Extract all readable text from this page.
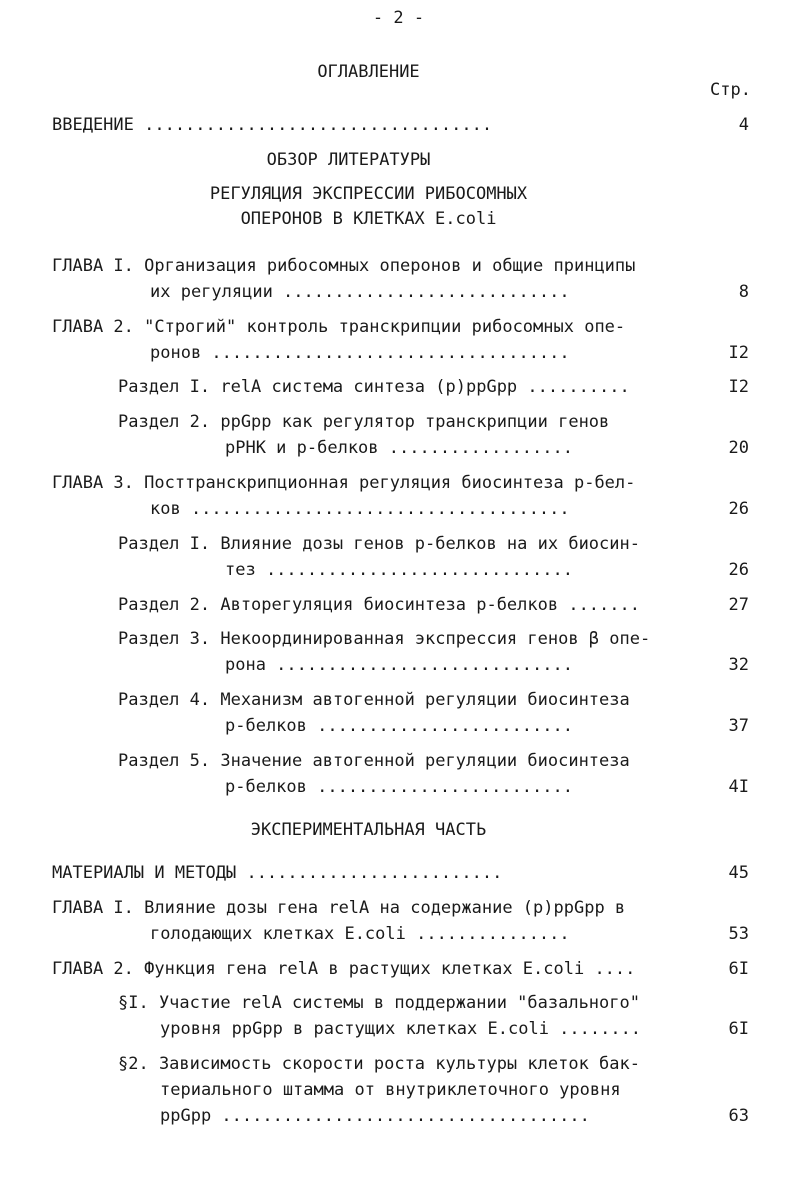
- 2 -
ОГЛАВЛЕНИЕ
Стр.
ВВЕДЕНИЕ ..................................	4
ОБЗОР ЛИТЕРАТУРЫ
РЕГУЛЯЦИЯ ЭКСПРЕССИИ РИБОСОМНЫХ
ОПЕРОНОВ В КЛЕТКАХ E.coli
ГЛАВА I. Организация рибосомных оперонов и общие принципы
их регуляции ............................	8
ГЛАВА 2. "Строгий" контроль транскрипции рибосомных опе-
ронов ...................................	I2
Раздел I. relA система синтеза (p)ppGpp ..........	I2
Раздел 2. ppGpp как регулятор транскрипции генов
рРНК и р-белков ..................	20
ГЛАВА 3. Посттранскрипционная регуляция биосинтеза р-бел-
ков .....................................	26
Раздел I. Влияние дозы генов р-белков на их биосин-
тез ..............................	26
Раздел 2. Авторегуляция биосинтеза р-белков .......	27
Раздел 3. Некоординированная экспрессия генов β опе-
рона .............................	32
Раздел 4. Механизм автогенной регуляции биосинтеза
р-белков .........................	37
Раздел 5. Значение автогенной регуляции биосинтеза
р-белков .........................	4I
ЭКСПЕРИМЕНТАЛЬНАЯ ЧАСТЬ
МАТЕРИАЛЫ И МЕТОДЫ .........................	45
ГЛАВА I. Влияние дозы гена relA на содержание (p)ppGpp в
голодающих клетках E.coli ...............	53
ГЛАВА 2. Функция гена relA в растущих клетках E.coli ....	6I
§I. Участие relA системы в поддержании "базального"
уровня ppGpp в растущих клетках E.coli ........	6I
§2. Зависимость скорости роста культуры клеток бак-
териального штамма от внутриклеточного уровня
ppGpp ....................................	63
